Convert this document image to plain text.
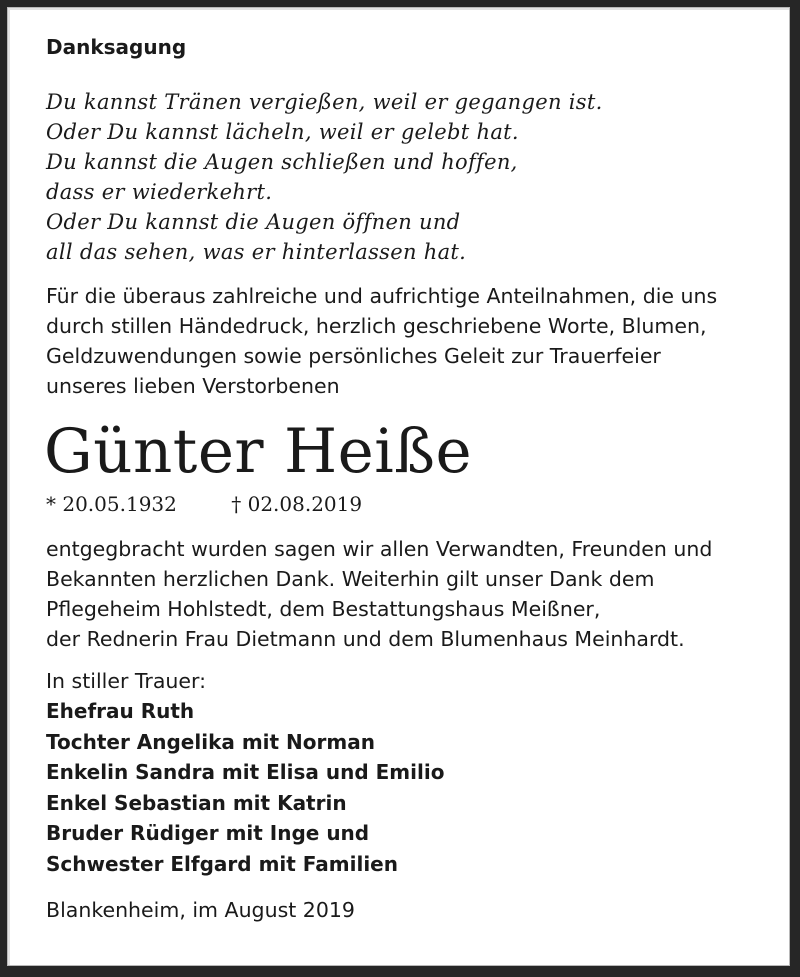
Danksagung
Du kannst Tränen vergießen, weil er gegangen ist.
Oder Du kannst lächeln, weil er gelebt hat.
Du kannst die Augen schließen und hoffen,
dass er wiederkehrt.
Oder Du kannst die Augen öffnen und
all das sehen, was er hinterlassen hat.
Für die überaus zahlreiche und aufrichtige Anteilnahmen, die uns
durch stillen Händedruck, herzlich geschriebene Worte, Blumen,
Geldzuwendungen sowie persönliches Geleit zur Trauerfeier
unseres lieben Verstorbenen
Günter Heiße
* 20.05.1932	† 02.08.2019
entgegbracht wurden sagen wir allen Verwandten, Freunden und
Bekannten herzlichen Dank. Weiterhin gilt unser Dank dem
Pflegeheim Hohlstedt, dem Bestattungshaus Meißner,
der Rednerin Frau Dietmann und dem Blumenhaus Meinhardt.
In stiller Trauer:
Ehefrau Ruth
Tochter Angelika mit Norman
Enkelin Sandra mit Elisa und Emilio
Enkel Sebastian mit Katrin
Bruder Rüdiger mit Inge und
Schwester Elfgard mit Familien
Blankenheim, im August 2019
